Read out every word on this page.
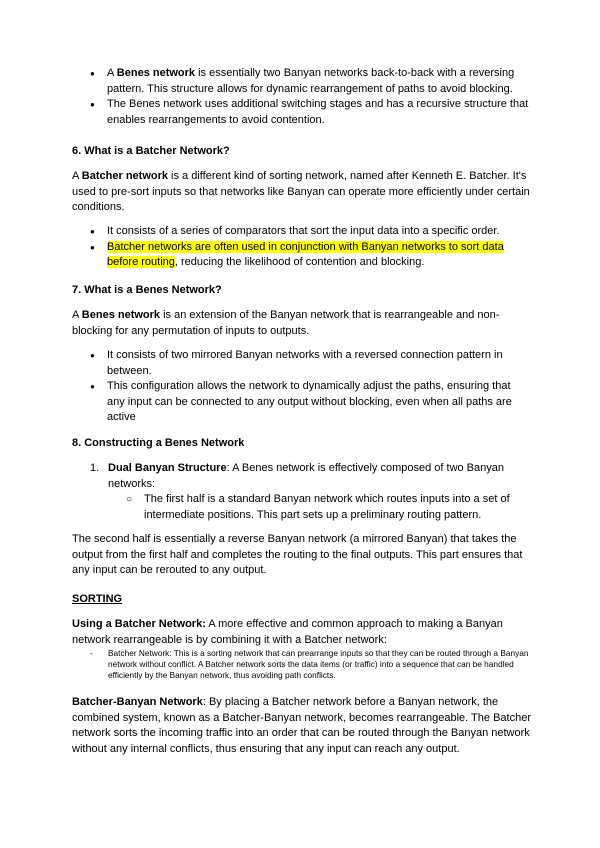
● A Benes network is essentially two Banyan networks back-to-back with a reversing pattern. This structure allows for dynamic rearrangement of paths to avoid blocking.
● The Benes network uses additional switching stages and has a recursive structure that enables rearrangements to avoid contention.
6. What is a Batcher Network?
A Batcher network is a different kind of sorting network, named after Kenneth E. Batcher. It's used to pre-sort inputs so that networks like Banyan can operate more efficiently under certain conditions.
● It consists of a series of comparators that sort the input data into a specific order.
● Batcher networks are often used in conjunction with Banyan networks to sort data before routing, reducing the likelihood of contention and blocking.
7. What is a Benes Network?
A Benes network is an extension of the Banyan network that is rearrangeable and non-blocking for any permutation of inputs to outputs.
● It consists of two mirrored Banyan networks with a reversed connection pattern in between.
● This configuration allows the network to dynamically adjust the paths, ensuring that any input can be connected to any output without blocking, even when all paths are active
8. Constructing a Benes Network
1. Dual Banyan Structure: A Benes network is effectively composed of two Banyan networks:
○	The first half is a standard Banyan network which routes inputs into a set of intermediate positions. This part sets up a preliminary routing pattern.
The second half is essentially a reverse Banyan network (a mirrored Banyan) that takes the output from the first half and completes the routing to the final outputs. This part ensures that any input can be rerouted to any output.
SORTING
Using a Batcher Network: A more effective and common approach to making a Banyan network rearrangeable is by combining it with a Batcher network:
-	Batcher Network: This is a sorting network that can prearrange inputs so that they can be routed through a Banyan network without conflict. A Batcher network sorts the data items (or traffic) into a sequence that can be handled efficiently by the Banyan network, thus avoiding path conflicts.
Batcher-Banyan Network: By placing a Batcher network before a Banyan network, the combined system, known as a Batcher-Banyan network, becomes rearrangeable. The Batcher network sorts the incoming traffic into an order that can be routed through the Banyan network without any internal conflicts, thus ensuring that any input can reach any output.
